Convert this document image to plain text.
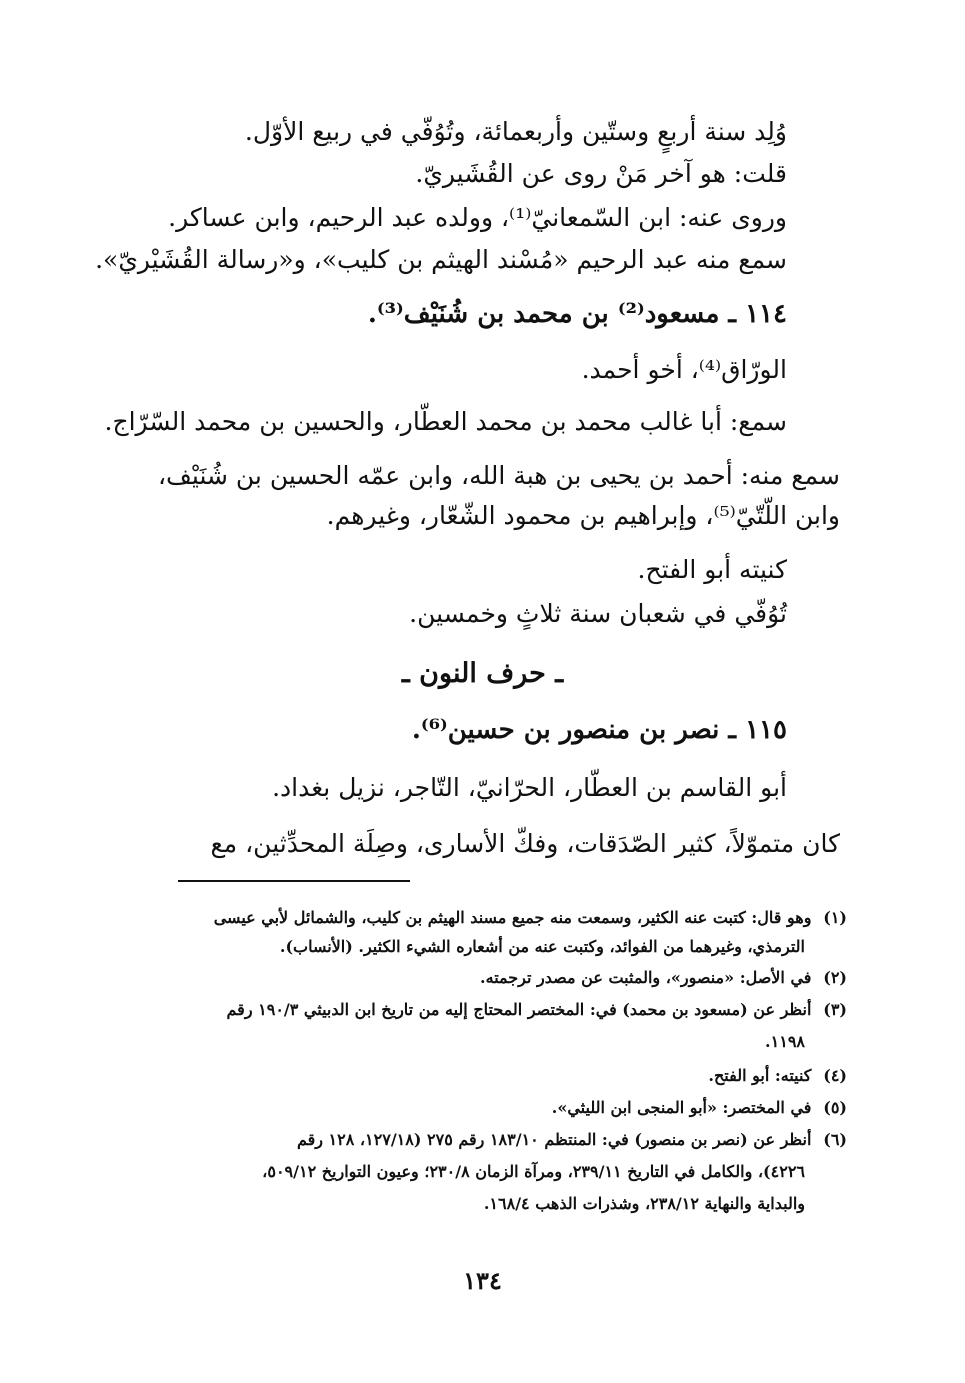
وُلِد سنة أربعٍ وستّين وأربعمائة، وتُوُفّي في ربيع الأوّل.
قلت: هو آخر مَنْ روى عن القُشَيريّ.
وروى عنه: ابن السّمعانيّ⁽¹⁾، وولده عبد الرحيم، وابن عساكر.
سمع منه عبد الرحيم «مُسْند الهيثم بن كليب»، و«رسالة القُشَيْريّ».
١١٤ ـ مسعود⁽²⁾ بن محمد بن شُنَيْف⁽³⁾.
الورّاق⁽⁴⁾، أخو أحمد.
سمع: أبا غالب محمد بن محمد العطّار، والحسين بن محمد السّرّاج.
سمع منه: أحمد بن يحيى بن هبة الله، وابن عمّه الحسين بن شُنَيْف،
وابن اللّتّيّ⁽⁵⁾، وإبراهيم بن محمود الشّعّار، وغيرهم.
كنيته أبو الفتح.
تُوُفّي في شعبان سنة ثلاثٍ وخمسين.
ـ حرف النون ـ
١١٥ ـ نصر بن منصور بن حسين⁽⁶⁾.
أبو القاسم بن العطّار، الحرّانيّ، التّاجر، نزيل بغداد.
كان متموّلاً، كثير الصّدَقات، وفكّ الأسارى، وصِلَة المحدِّثين، مع
(١) وهو قال: كتبت عنه الكثير، وسمعت منه جميع مسند الهيثم بن كليب، والشمائل لأبي عيسى
الترمذي، وغيرهما من الفوائد، وكتبت عنه من أشعاره الشيء الكثير. (الأنساب).
(٢) في الأصل: «منصور»، والمثبت عن مصدر ترجمته.
(٣) أنظر عن (مسعود بن محمد) في: المختصر المحتاج إليه من تاريخ ابن الدبيثي ١٩٠/٣ رقم
١١٩٨.
(٤) كنيته: أبو الفتح.
(٥) في المختصر: «أبو المنجى ابن الليثي».
(٦) أنظر عن (نصر بن منصور) في: المنتظم ١٨٣/١٠ رقم ٢٧٥ (١٢٧/١٨، ١٢٨ رقم
٤٢٢٦)، والكامل في التاريخ ٢٣٩/١١، ومرآة الزمان ٢٣٠/٨؛ وعيون التواريخ ٥٠٩/١٢،
والبداية والنهاية ٢٣٨/١٢، وشذرات الذهب ١٦٨/٤.
١٣٤
